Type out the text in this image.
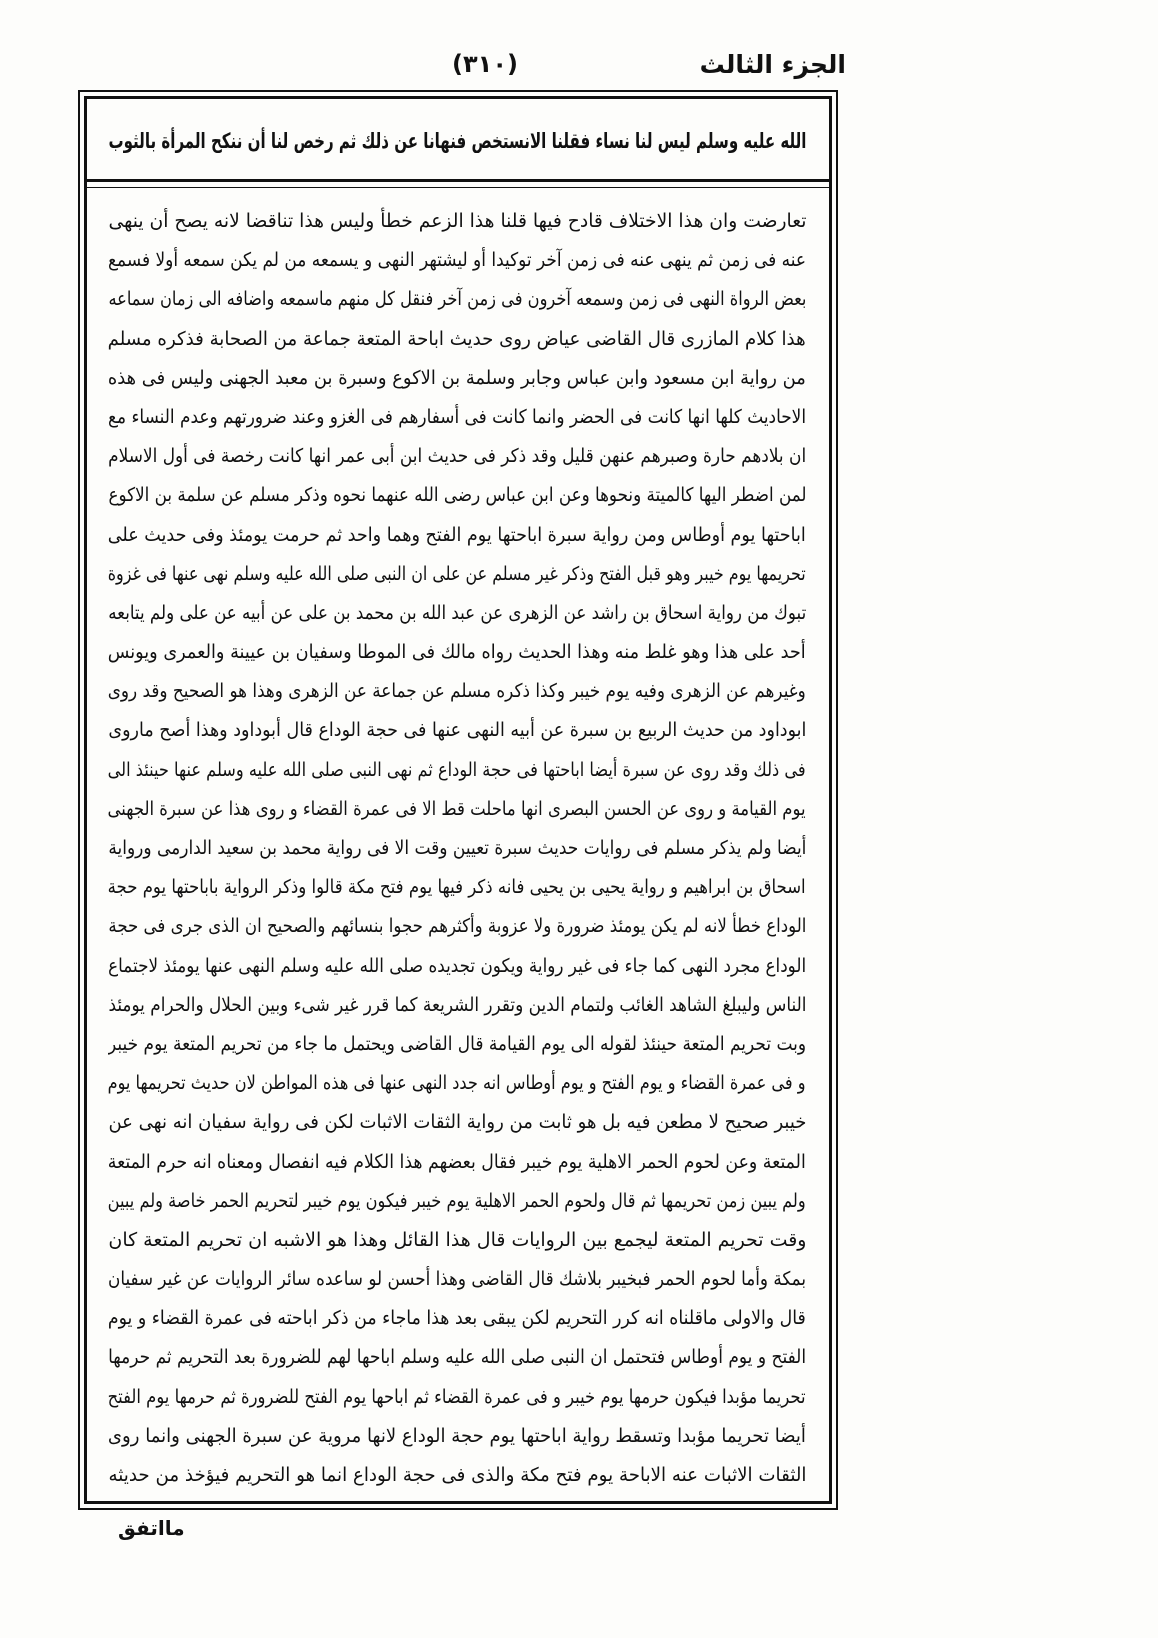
الجزء الثالث
(٣١٠)
الله عليه وسلم ليس لنا نساء فقلنا الانستخص فنهانا عن ذلك ثم رخص لنا أن ننكح المرأة بالثوب
تعارضت وان هذا الاختلاف قادح فيها قلنا هذا الزعم خطأ وليس هذا تناقضا لانه يصح أن ينهى
عنه فى زمن ثم ينهى عنه فى زمن آخر توكيدا أو ليشتهر النهى و يسمعه من لم يكن سمعه أولا فسمع
بعض الرواة النهى فى زمن وسمعه آخرون فى زمن آخر فنقل كل منهم ماسمعه واضافه الى زمان سماعه
هذا كلام المازرى قال القاضى عياض روى حديث اباحة المتعة جماعة من الصحابة فذكره مسلم
من رواية ابن مسعود وابن عباس وجابر وسلمة بن الاكوع وسبرة بن معبد الجهنى وليس فى هذه
الاحاديث كلها انها كانت فى الحضر وانما كانت فى أسفارهم فى الغزو وعند ضرورتهم وعدم النساء مع
ان بلادهم حارة وصبرهم عنهن قليل وقد ذكر فى حديث ابن أبى عمر انها كانت رخصة فى أول الاسلام
لمن اضطر اليها كالميتة ونحوها وعن ابن عباس رضى الله عنهما نحوه وذكر مسلم عن سلمة بن الاكوع
اباحتها يوم أوطاس ومن رواية سبرة اباحتها يوم الفتح وهما واحد ثم حرمت يومئذ وفى حديث على
تحريمها يوم خيبر وهو قبل الفتح وذكر غير مسلم عن على ان النبى صلى الله عليه وسلم نهى عنها فى غزوة
تبوك من رواية اسحاق بن راشد عن الزهرى عن عبد الله بن محمد بن على عن أبيه عن على ولم يتابعه
أحد على هذا وهو غلط منه وهذا الحديث رواه مالك فى الموطا وسفيان بن عيينة والعمرى ويونس
وغيرهم عن الزهرى وفيه يوم خيبر وكذا ذكره مسلم عن جماعة عن الزهرى وهذا هو الصحيح وقد روى
ابوداود من حديث الربيع بن سبرة عن أبيه النهى عنها فى حجة الوداع قال أبوداود وهذا أصح ماروى
فى ذلك وقد روى عن سبرة أيضا اباحتها فى حجة الوداع ثم نهى النبى صلى الله عليه وسلم عنها حينئذ الى
يوم القيامة و روى عن الحسن البصرى انها ماحلت قط الا فى عمرة القضاء و روى هذا عن سبرة الجهنى
أيضا ولم يذكر مسلم فى روايات حديث سبرة تعيين وقت الا فى رواية محمد بن سعيد الدارمى ورواية
اسحاق بن ابراهيم و رواية يحيى بن يحيى فانه ذكر فيها يوم فتح مكة قالوا وذكر الرواية باباحتها يوم حجة
الوداع خطأ لانه لم يكن يومئذ ضرورة ولا عزوبة وأكثرهم حجوا بنسائهم والصحيح ان الذى جرى فى حجة
الوداع مجرد النهى كما جاء فى غير رواية ويكون تجديده صلى الله عليه وسلم النهى عنها يومئذ لاجتماع
الناس وليبلغ الشاهد الغائب ولتمام الدين وتقرر الشريعة كما قرر غير شىء وبين الحلال والحرام يومئذ
وبت تحريم المتعة حينئذ لقوله الى يوم القيامة قال القاضى ويحتمل ما جاء من تحريم المتعة يوم خيبر
و فى عمرة القضاء و يوم الفتح و يوم أوطاس انه جدد النهى عنها فى هذه المواطن لان حديث تحريمها يوم
خيبر صحيح لا مطعن فيه بل هو ثابت من رواية الثقات الاثبات لكن فى رواية سفيان انه نهى عن
المتعة وعن لحوم الحمر الاهلية يوم خيبر فقال بعضهم هذا الكلام فيه انفصال ومعناه انه حرم المتعة
ولم يبين زمن تحريمها ثم قال ولحوم الحمر الاهلية يوم خيبر فيكون يوم خيبر لتحريم الحمر خاصة ولم يبين
وقت تحريم المتعة ليجمع بين الروايات قال هذا القائل وهذا هو الاشبه ان تحريم المتعة كان
بمكة وأما لحوم الحمر فبخيبر بلاشك قال القاضى وهذا أحسن لو ساعده سائر الروايات عن غير سفيان
قال والاولى ماقلناه انه كرر التحريم لكن يبقى بعد هذا ماجاء من ذكر اباحته فى عمرة القضاء و يوم
الفتح و يوم أوطاس فتحتمل ان النبى صلى الله عليه وسلم اباحها لهم للضرورة بعد التحريم ثم حرمها
تحريما مؤبدا فيكون حرمها يوم خيبر و فى عمرة القضاء ثم اباحها يوم الفتح للضرورة ثم حرمها يوم الفتح
أيضا تحريما مؤبدا وتسقط رواية اباحتها يوم حجة الوداع لانها مروية عن سبرة الجهنى وانما روى
الثقات الاثبات عنه الاباحة يوم فتح مكة والذى فى حجة الوداع انما هو التحريم فيؤخذ من حديثه
مااتفق
